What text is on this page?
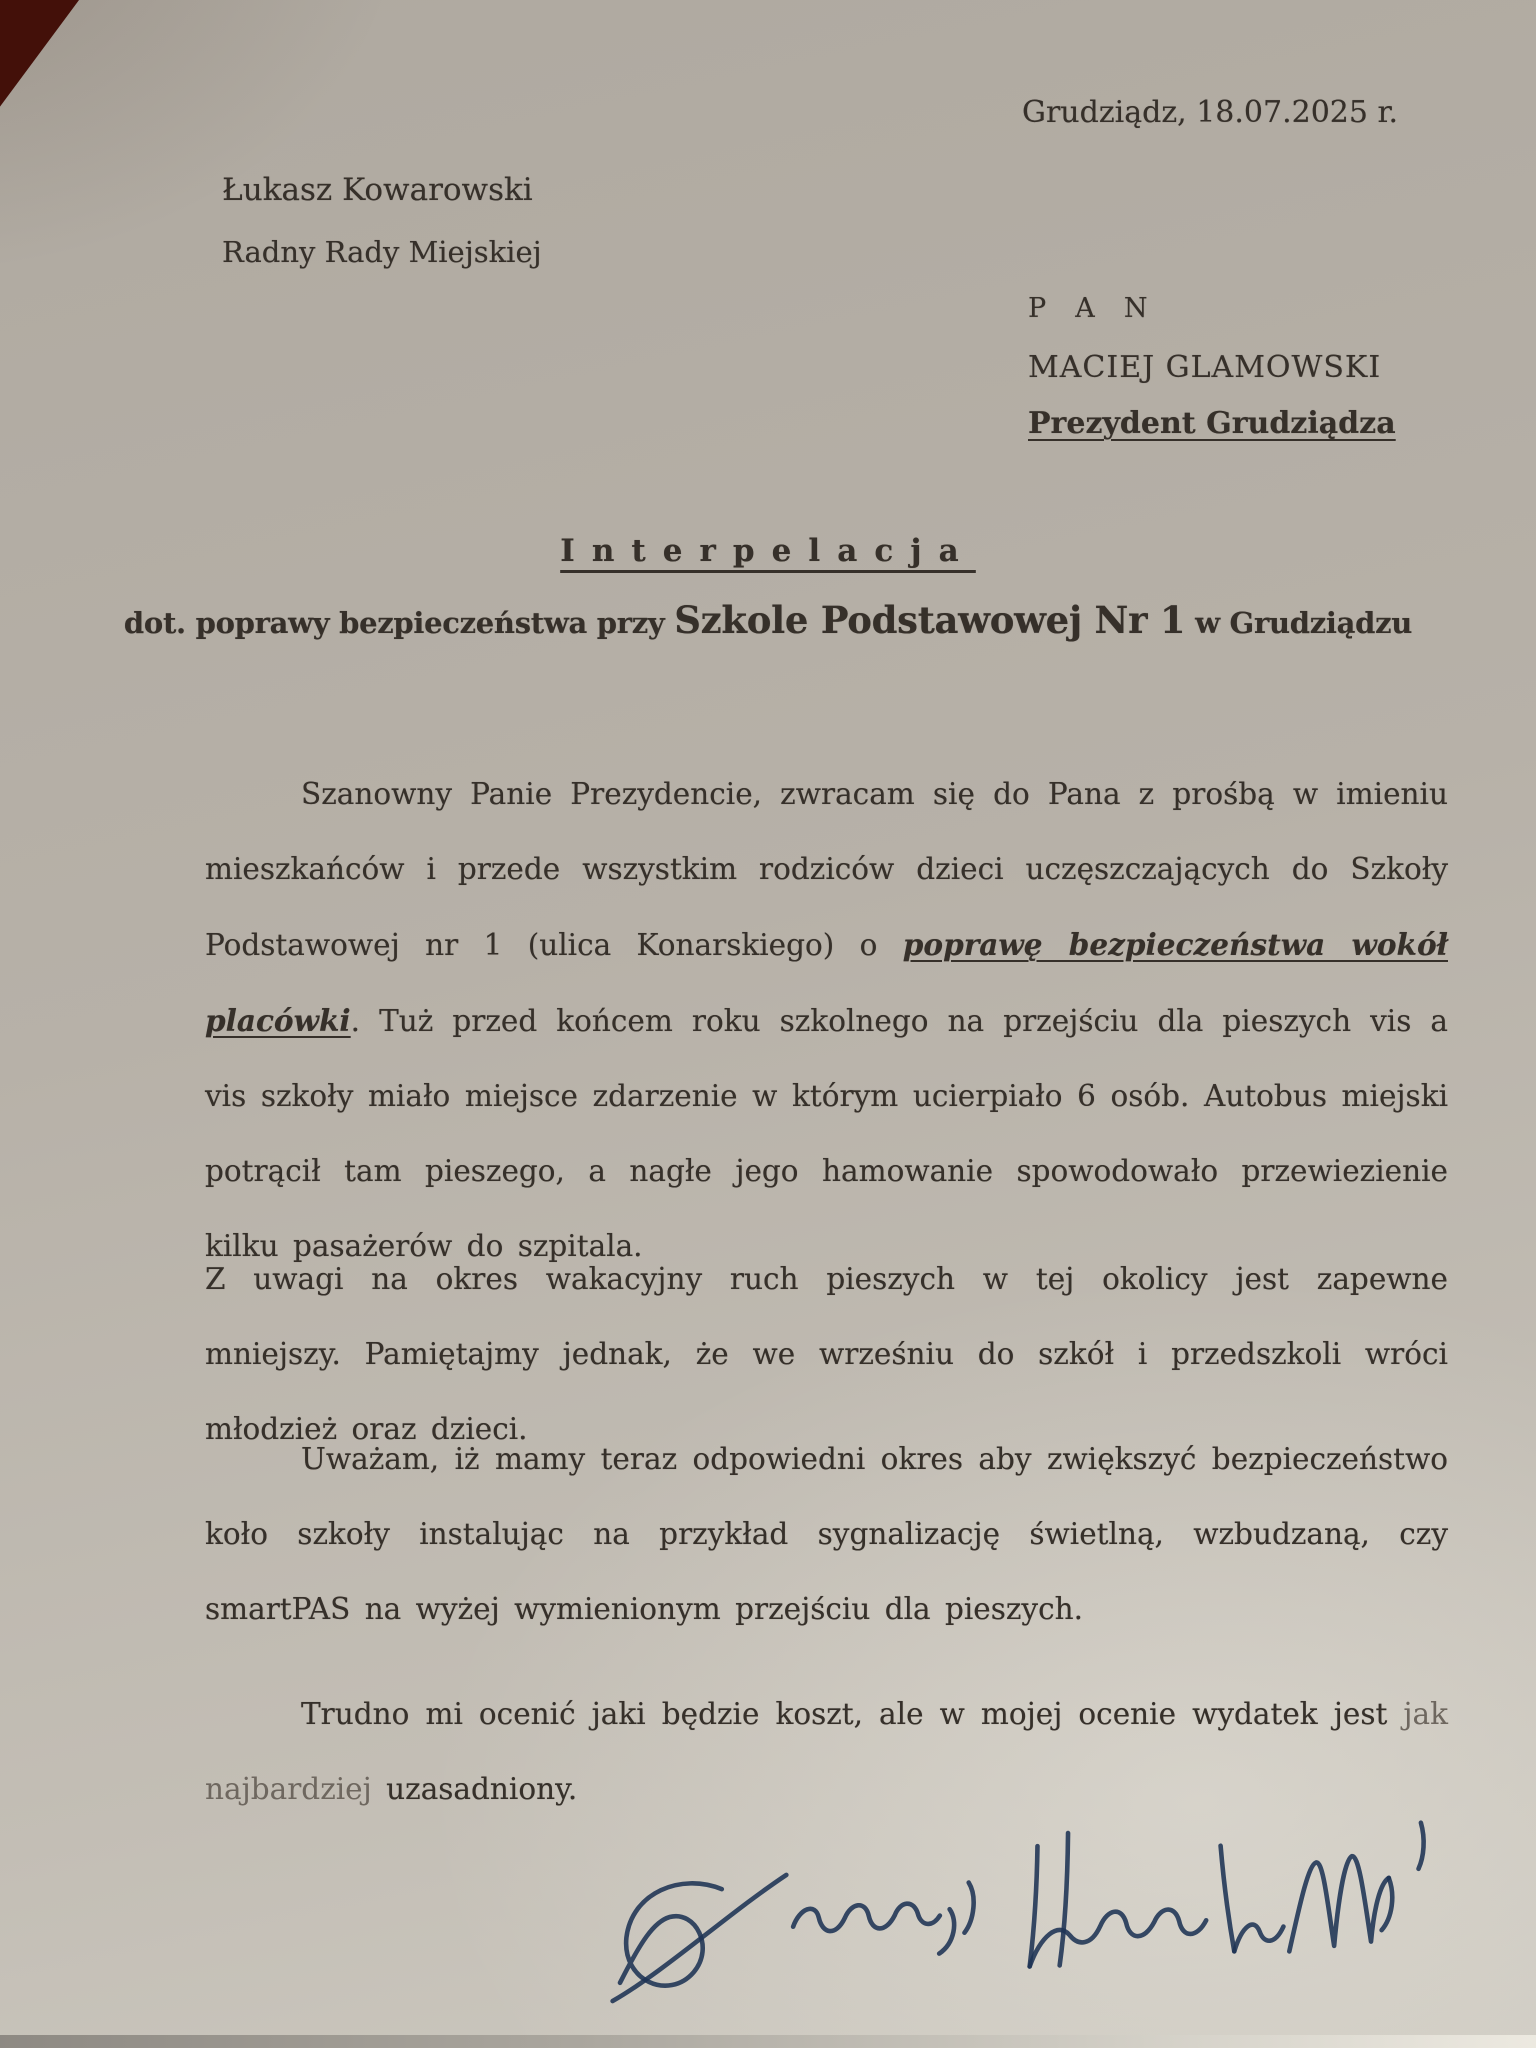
Grudziądz, 18.07.2025 r.
Łukasz Kowarowski
Radny Rady Miejskiej
P A N
MACIEJ GLAMOWSKI
Prezydent Grudziądza
Interpelacja
dot. poprawy bezpieczeństwa przy Szkole Podstawowej Nr 1 w Grudziądzu
Szanowny Panie Prezydencie, zwracam się do Pana z prośbą w imieniu mieszkańców i przede wszystkim rodziców dzieci uczęszczających do Szkoły Podstawowej nr 1 (ulica Konarskiego) o poprawę bezpieczeństwa wokół placówki. Tuż przed końcem roku szkolnego na przejściu dla pieszych vis a vis szkoły miało miejsce zdarzenie w którym ucierpiało 6 osób. Autobus miejski potrącił tam pieszego, a nagłe jego hamowanie spowodowało przewiezienie kilku pasażerów do szpitala.
Z uwagi na okres wakacyjny ruch pieszych w tej okolicy jest zapewne mniejszy. Pamiętajmy jednak, że we wrześniu do szkół i przedszkoli wróci młodzież oraz dzieci.
Uważam, iż mamy teraz odpowiedni okres aby zwiększyć bezpieczeństwo koło szkoły instalując na przykład sygnalizację świetlną, wzbudzaną, czy smartPAS na wyżej wymienionym przejściu dla pieszych.
Trudno mi ocenić jaki będzie koszt, ale w mojej ocenie wydatek jest jak najbardziej uzasadniony.
